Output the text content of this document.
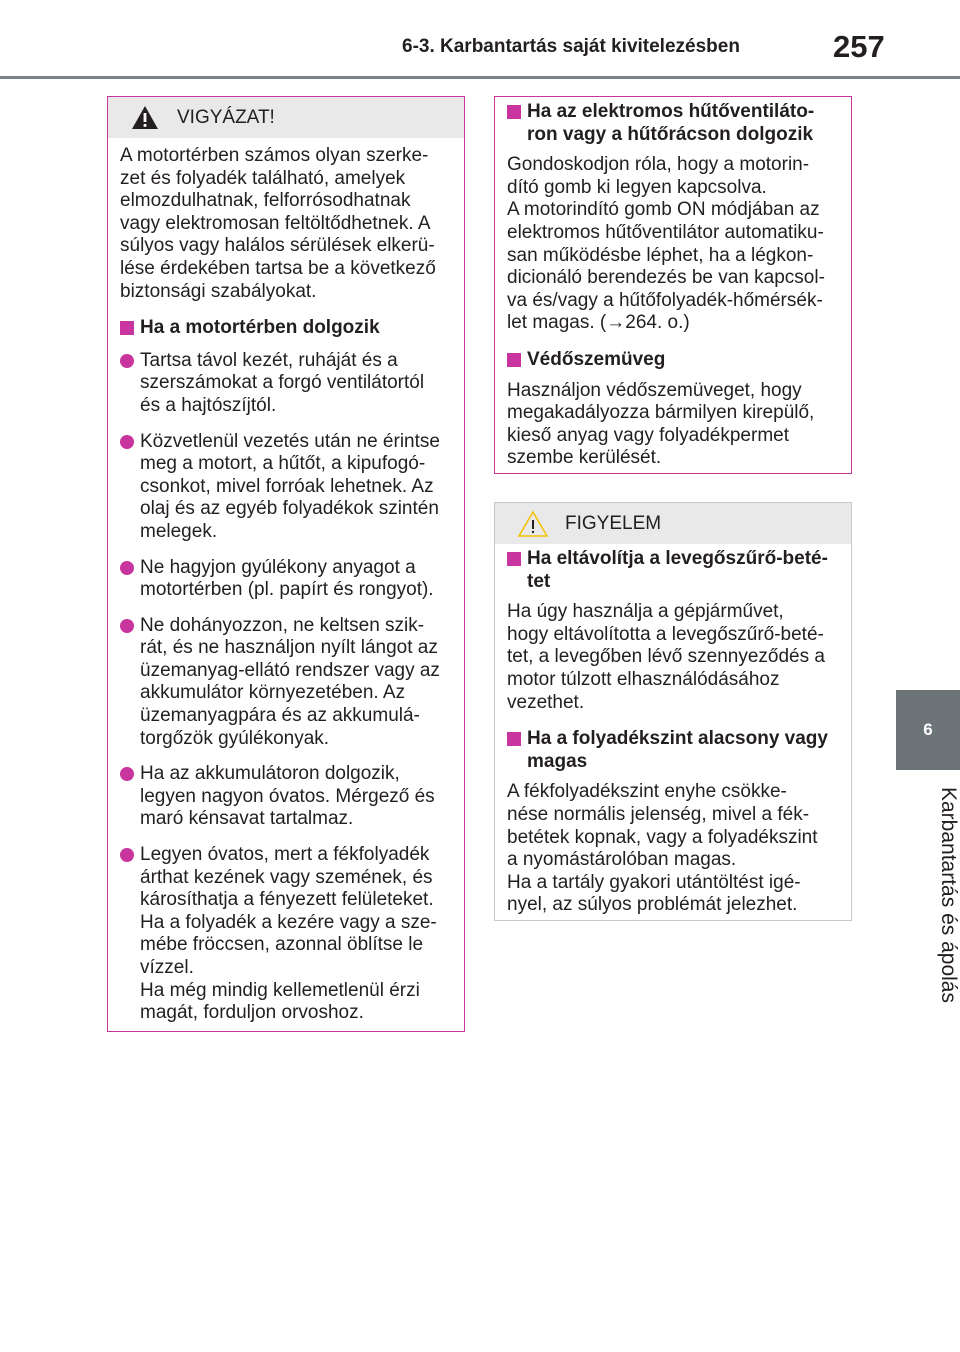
6-3. Karbantartás saját kivitelezésben	257
6
Karbantartás és ápolás
VIGYÁZAT!

A motortérben számos olyan szerke-
zet és folyadék található, amelyek
elmozdulhatnak, felforrósodhatnak
vagy elektromosan feltöltődhetnek. A
súlyos vagy halálos sérülések elkerü-
lése érdekében tartsa be a következő
biztonsági szabályokat.

Ha a motortérben dolgozik
Tartsa távol kezét, ruháját és a
szerszámokat a forgó ventilátortól
és a hajtószíjtól.
Közvetlenül vezetés után ne érintse
meg a motort, a hűtőt, a kipufogó-
csonkot, mivel forróak lehetnek. Az
olaj és az egyéb folyadékok szintén
melegek.
Ne hagyjon gyúlékony anyagot a
motortérben (pl. papírt és rongyot).
Ne dohányozzon, ne keltsen szik-
rát, és ne használjon nyílt lángot az
üzemanyag-ellátó rendszer vagy az
akkumulátor környezetében. Az
üzemanyagpára és az akkumulá-
torgőzök gyúlékonyak.
Ha az akkumulátoron dolgozik,
legyen nagyon óvatos. Mérgező és
maró kénsavat tartalmaz.
Legyen óvatos, mert a fékfolyadék
árthat kezének vagy szemének, és
károsíthatja a fényezett felületeket.
Ha a folyadék a kezére vagy a sze-
mébe fröccsen, azonnal öblítse le
vízzel.
Ha még mindig kellemetlenül érzi
magát, forduljon orvoshoz.
Ha az elektromos hűtőventiláto-
ron vagy a hűtőrácson dolgozik

Gondoskodjon róla, hogy a motorin-
dító gomb ki legyen kapcsolva.
A motorindító gomb ON módjában az
elektromos hűtőventilátor automatiku-
san működésbe léphet, ha a légkon-
dicionáló berendezés be van kapcsol-
va és/vagy a hűtőfolyadék-hőmérsék-
let magas. (→264. o.)

Védőszemüveg

Használjon védőszemüveget, hogy
megakadályozza bármilyen kirepülő,
kieső anyag vagy folyadékpermet
szembe kerülését.

FIGYELEM
Ha eltávolítja a levegőszűrő-beté-
tet

Ha úgy használja a gépjárművet,
hogy eltávolította a levegőszűrő-beté-
tet, a levegőben lévő szennyeződés a
motor túlzott elhasználódásához
vezethet.

Ha a folyadékszint alacsony vagy
magas

A fékfolyadékszint enyhe csökke-
nése normális jelenség, mivel a fék-
betétek kopnak, vagy a folyadékszint
a nyomástárolóban magas.
Ha a tartály gyakori utántöltést igé-
nyel, az súlyos problémát jelezhet.
